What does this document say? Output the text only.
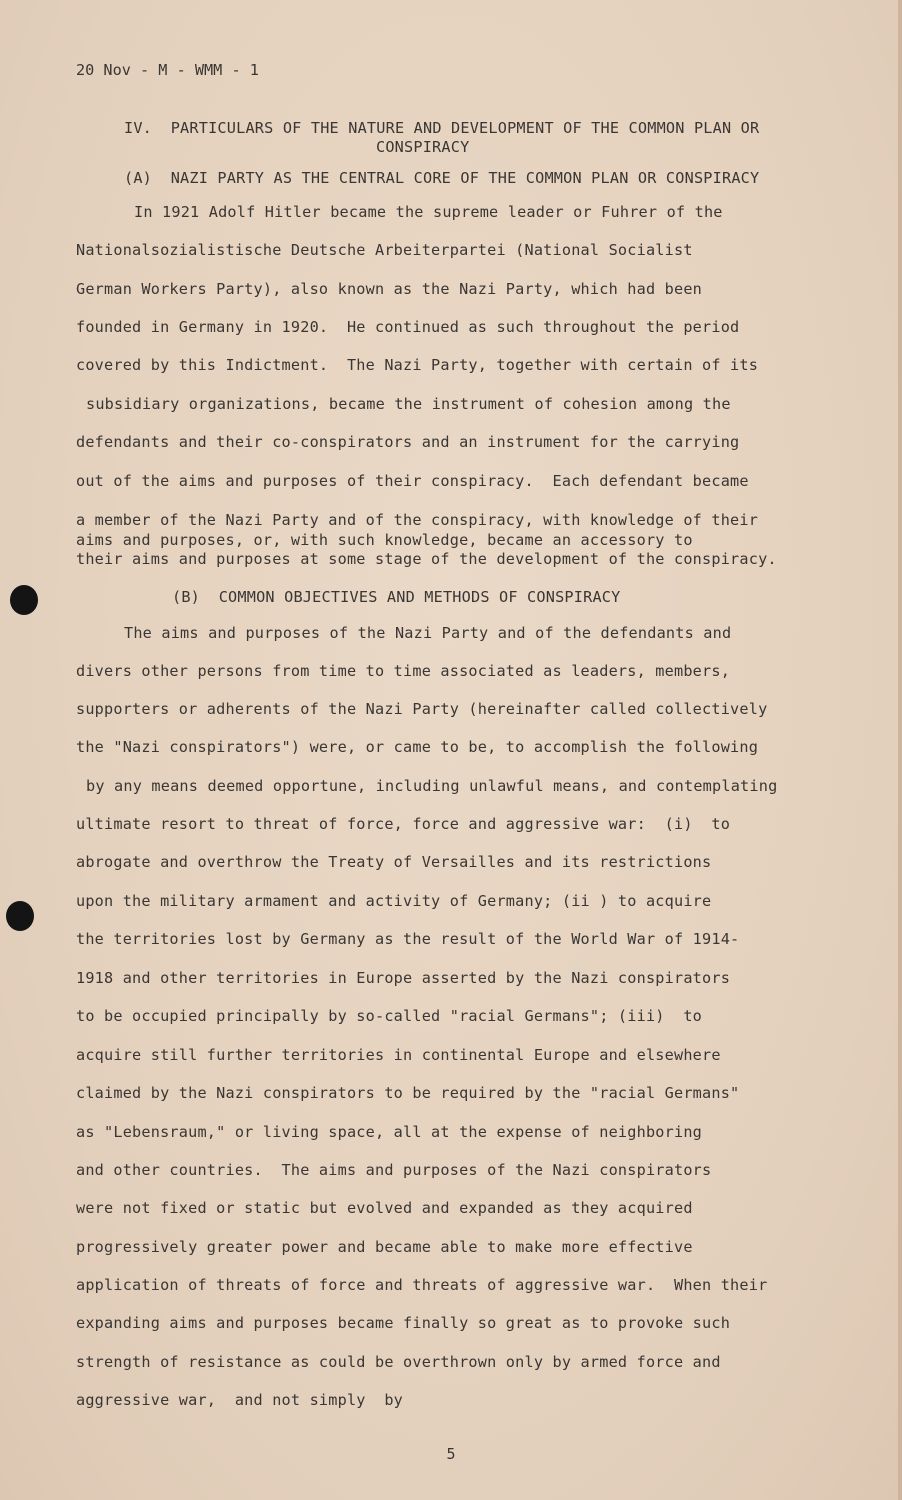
20 Nov - M - WMM - 1
IV.  PARTICULARS OF THE NATURE AND DEVELOPMENT OF THE COMMON PLAN OR
CONSPIRACY
(A)  NAZI PARTY AS THE CENTRAL CORE OF THE COMMON PLAN OR CONSPIRACY
In 1921 Adolf Hitler became the supreme leader or Fuhrer of the
Nationalsozialistische Deutsche Arbeiterpartei (National Socialist
German Workers Party), also known as the Nazi Party, which had been
founded in Germany in 1920.  He continued as such throughout the period
covered by this Indictment.  The Nazi Party, together with certain of its
subsidiary organizations, became the instrument of cohesion among the
defendants and their co-conspirators and an instrument for the carrying
out of the aims and purposes of their conspiracy.  Each defendant became
a member of the Nazi Party and of the conspiracy, with knowledge of their
aims and purposes, or, with such knowledge, became an accessory to
their aims and purposes at some stage of the development of the conspiracy.
(B)  COMMON OBJECTIVES AND METHODS OF CONSPIRACY
The aims and purposes of the Nazi Party and of the defendants and
divers other persons from time to time associated as leaders, members,
supporters or adherents of the Nazi Party (hereinafter called collectively
the "Nazi conspirators") were, or came to be, to accomplish the following
by any means deemed opportune, including unlawful means, and contemplating
ultimate resort to threat of force, force and aggressive war:  (i)  to
abrogate and overthrow the Treaty of Versailles and its restrictions
upon the military armament and activity of Germany; (ii ) to acquire
the territories lost by Germany as the result of the World War of 1914-
1918 and other territories in Europe asserted by the Nazi conspirators
to be occupied principally by so-called "racial Germans"; (iii)  to
acquire still further territories in continental Europe and elsewhere
claimed by the Nazi conspirators to be required by the "racial Germans"
as "Lebensraum," or living space, all at the expense of neighboring
and other countries.  The aims and purposes of the Nazi conspirators
were not fixed or static but evolved and expanded as they acquired
progressively greater power and became able to make more effective
application of threats of force and threats of aggressive war.  When their
expanding aims and purposes became finally so great as to provoke such
strength of resistance as could be overthrown only by armed force and
aggressive war,  and not simply  by
5
